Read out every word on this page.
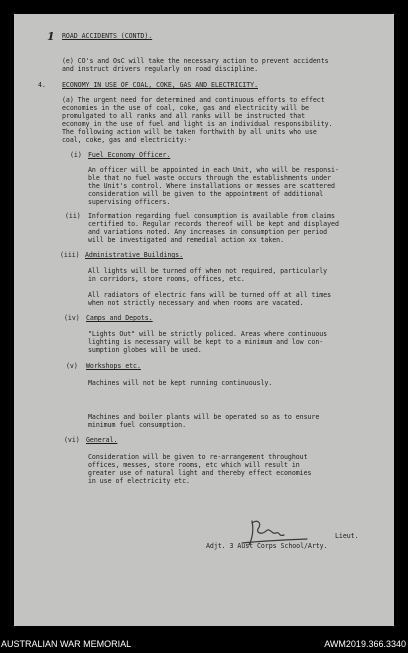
1 ROAD ACCIDENTS (CONTD).
(e) CO's and OsC will take the necessary action to prevent accidents
and instruct drivers regularly on road discipline.
4. ECONOMY IN USE OF COAL, COKE, GAS AND ELECTRICITY.
(a) The urgent need for determined and continuous efforts to effect
economies in the use of coal, coke, gas and electricity will be
promulgated to all ranks and all ranks will be instructed that
economy in the use of fuel and light is an individual responsibility.
The following action will be taken forthwith by all units who use
coal, coke, gas and electricity:-
(i) Fuel Economy Officer.
An officer will be appointed in each Unit, who will be responsi-
ble that no fuel waste occurs through the establishments under
the Unit's control. Where installations or messes are scattered
consideration will be given to the appointment of additional
supervising officers.
(ii) Information regarding fuel consumption is available from claims
certified to. Regular records thereof will be kept and displayed
and variations noted. Any increases in consumption per period
will be investigated and remedial action xx taken.
(iii) Administrative Buildings.
All lights will be turned off when not required, particularly
in corridors, store rooms, offices, etc.
All radiators of electric fans will be turned off at all times
when not strictly necessary and when rooms are vacated.
(iv) Camps and Depots.
"Lights Out" will be strictly policed. Areas where continuous
lighting is necessary will be kept to a minimum and low con-
sumption globes will be used.
(v) Workshops etc.
Machines will not be kept running continuously.
Machines and boiler plants will be operated so as to ensure
minimum fuel consumption.
(vi) General.
Consideration will be given to re-arrangement throughout
offices, messes, store rooms, etc which will result in
greater use of natural light and thereby effect economies
in use of electricity etc.
Lieut.
Adjt. 3 Aust Corps School/Arty.
AUSTRALIAN WAR MEMORIAL	AWM2019.366.3340
